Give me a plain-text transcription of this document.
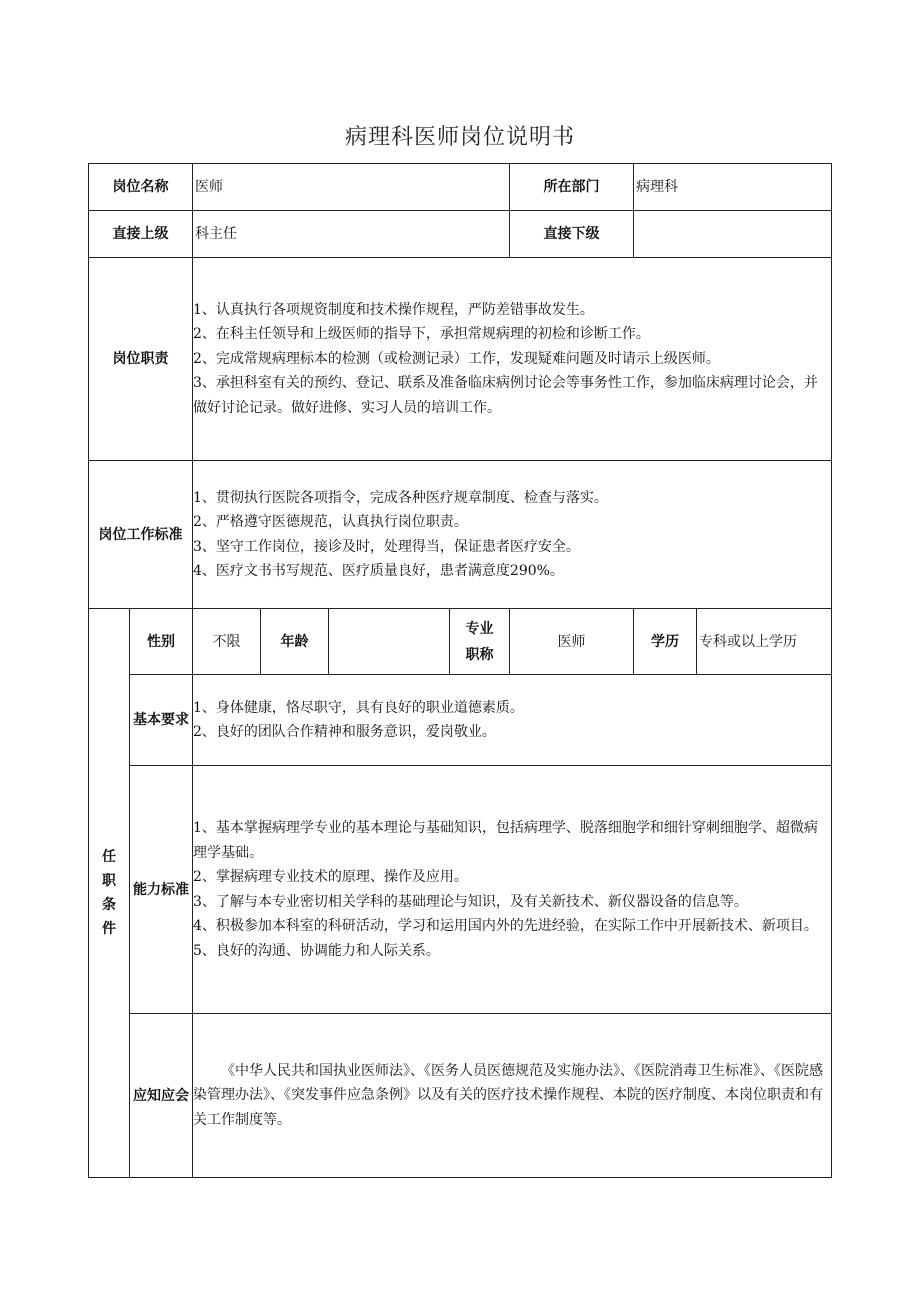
病理科医师岗位说明书
岗位名称		医师				所在部门	病理科	
直接上级		科主任				直接下级		
岗位职责		1、认真执行各项规资制度和技术操作规程，严防差错事故发生。
2、在科主任领导和上级医师的指导下，承担常规病理的初检和诊断工作。
2、完成常规病理标本的检测（或检测记录）工作，发现疑难问题及时请示上级医师。
3、承担科室有关的预约、登记、联系及准备临床病例讨论会等事务性工作，参加临床病理讨论会，并做好讨论记录。做好进修、实习人员的培训工作。						

岗位工作标准		1、贯彻执行医院各项指令，完成各种医疗规章制度、检查与落实。
2、严格遵守医德规范，认真执行岗位职责。
3、坚守工作岗位，接诊及时，处理得当，保证患者医疗安全。
4、医疗文书书写规范、医疗质量良好，患者满意度290%。						

任
职
条
件	性别	不限	年龄		专业
职称	医师	学历	专科或以上学历

	基本要求	1、身体健康，恪尽职守，具有良好的职业道德素质。
2、良好的团队合作精神和服务意识，爱岗敬业。						

	能力标准	1、基本掌握病理学专业的基本理论与基础知识，包括病理学、脱落细胞学和细针穿刺细胞学、超微病理学基础。
2、掌握病理专业技术的原理、操作及应用。
3、了解与本专业密切相关学科的基础理论与知识，及有关新技术、新仪器设备的信息等。
4、积极参加本科室的科研活动，学习和运用国内外的先进经验，在实际工作中开展新技术、新项目。
5、良好的沟通、协调能力和人际关系。						

	应知应会	《中华人民共和国执业医师法》、《医务人员医德规范及实施办法》、《医院消毒卫生标准》、《医院感染管理办法》、《突发事件应急条例》以及有关的医疗技术操作规程、本院的医疗制度、本岗位职责和有关工作制度等。						
